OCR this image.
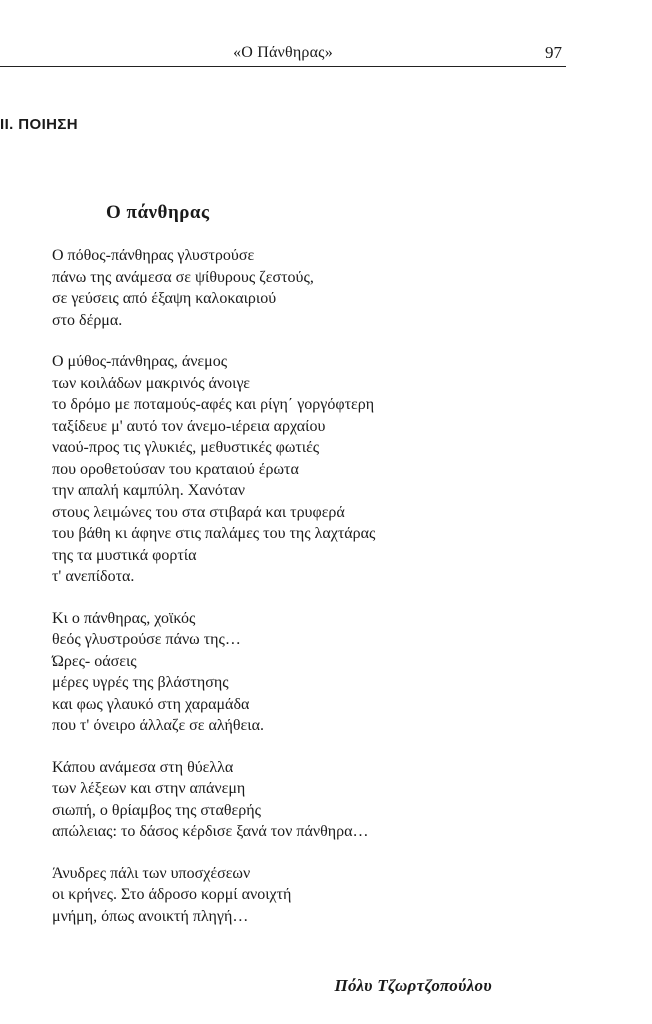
«Ο Πάνθηρας»	97
ΙΙ. ΠΟΙΗΣΗ
Ο πάνθηρας
Ο πόθος-πάνθηρας γλυστρούσε
πάνω της ανάμεσα σε ψίθυρους ζεστούς,
σε γεύσεις από έξαψη καλοκαιριού
στο δέρμα.
Ο μύθος-πάνθηρας, άνεμος
των κοιλάδων μακρινός άνοιγε
το δρόμο με ποταμούς-αφές και ρίγη΄ γοργόφτερη
ταξίδευε μ' αυτό τον άνεμο-ιέρεια αρχαίου
ναού-προς τις γλυκιές, μεθυστικές φωτιές
που οροθετούσαν του κραταιού έρωτα
την απαλή καμπύλη. Χανόταν
στους λειμώνες του στα στιβαρά και τρυφερά
του βάθη κι άφηνε στις παλάμες του της λαχτάρας
της τα μυστικά φορτία
τ' ανεπίδοτα.
Κι ο πάνθηρας, χοϊκός
θεός γλυστρούσε πάνω της…
Ώρες- οάσεις
μέρες υγρές της βλάστησης
και φως γλαυκό στη χαραμάδα
που τ' όνειρο άλλαζε σε αλήθεια.
Κάπου ανάμεσα στη θύελλα
των λέξεων και στην απάνεμη
σιωπή, ο θρίαμβος της σταθερής
απώλειας: το δάσος κέρδισε ξανά τον πάνθηρα…
Άνυδρες πάλι των υποσχέσεων
οι κρήνες. Στο άδροσο κορμί ανοιχτή
μνήμη, όπως ανοικτή πληγή…
Πόλυ Τζωρτζοπούλου
